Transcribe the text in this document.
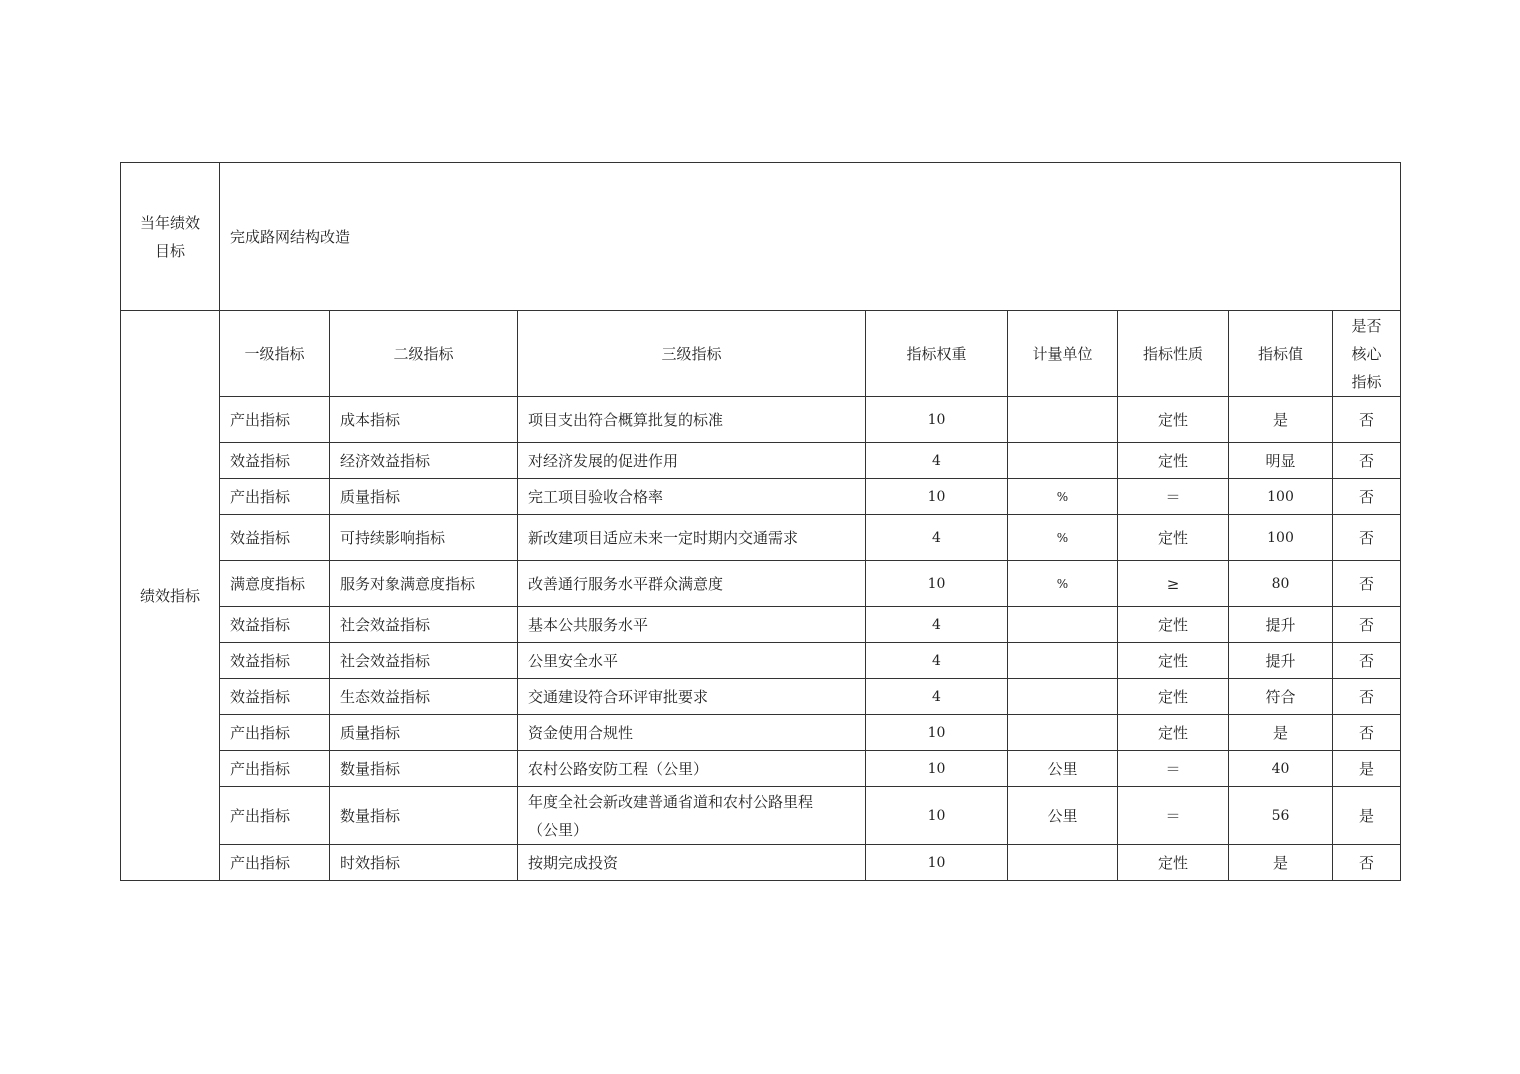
当年绩效
目标	完成路网结构改造							
绩效指标	一级指标	二级指标	三级指标	指标权重	计量单位	指标性质	指标值	是否
核心
指标

	产出指标	成本指标	项目支出符合概算批复的标准	10		定性	是	否
	效益指标	经济效益指标	对经济发展的促进作用	4		定性	明显	否
	产出指标	质量指标	完工项目验收合格率	10	%	＝	100	否
	效益指标	可持续影响指标	新改建项目适应未来一定时期内交通需求	4	%	定性	100	否
	满意度指标	服务对象满意度指标	改善通行服务水平群众满意度	10	%	≥	80	否
	效益指标	社会效益指标	基本公共服务水平	4		定性	提升	否
	效益指标	社会效益指标	公里安全水平	4		定性	提升	否
	效益指标	生态效益指标	交通建设符合环评审批要求	4		定性	符合	否
	产出指标	质量指标	资金使用合规性	10		定性	是	否
	产出指标	数量指标	农村公路安防工程（公里）	10	公里	＝	40	是
	产出指标	数量指标	年度全社会新改建普通省道和农村公路里程
（公里）	10	公里	＝	56	是
	产出指标	时效指标	按期完成投资	10		定性	是	否
